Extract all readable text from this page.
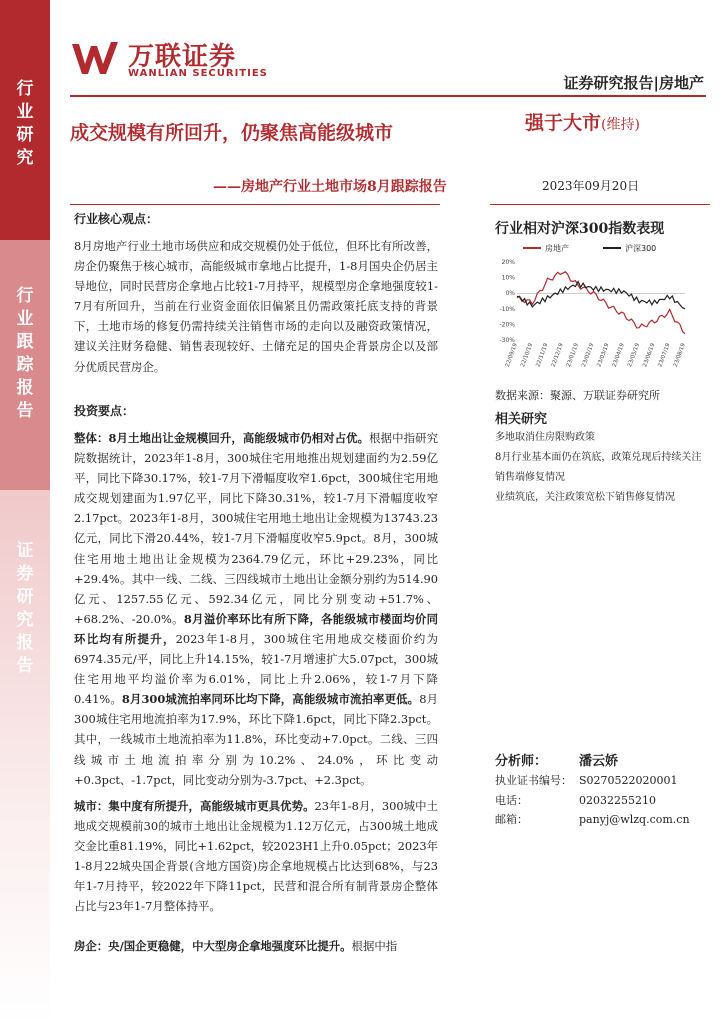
行
业
研
究
行
业
跟
踪
报
告
证
券
研
究
报
告
万联证券
WANLIAN SECURITIES
证券研究报告|房地产
成交规模有所回升，仍聚焦高能级城市
——房地产行业土地市场8月跟踪报告
强于大市(维持)
2023年09月20日
行业核心观点：

8月房地产行业土地市场供应和成交规模仍处于低位，但环比有所改善，房企仍聚焦于核心城市，高能级城市拿地占比提升，1-8月国央企仍居主导地位，同时民营房企拿地占比较1-7月持平，规模型房企拿地强度较1-7月有所回升，当前在行业资金面依旧偏紧且仍需政策托底支持的背景下，土地市场的修复仍需持续关注销售市场的走向以及融资政策情况，建议关注财务稳健、销售表现较好、土储充足的国央企背景房企以及部分优质民营房企。

投资要点：

整体：8月土地出让金规模回升，高能级城市仍相对占优。根据中指研究院数据统计，2023年1-8月，300城住宅用地推出规划建面约为2.59亿平，同比下降30.17%，较1-7月下滑幅度收窄1.6pct，300城住宅用地成交规划建面为1.97亿平，同比下降30.31%，较1-7月下滑幅度收窄2.17pct。2023年1-8月，300城住宅用地土地出让金规模为13743.23亿元，同比下滑20.44%，较1-7月下滑幅度收窄5.9pct。8月，300城住宅用地土地出让金规模为2364.79亿元，环比+29.23%，同比+29.4%。其中一线、二线、三四线城市土地出让金额分别约为514.90亿元、1257.55亿元、592.34亿元，同比分别变动+51.7%、+68.2%、-20.0%。8月溢价率环比有所下降，各能级城市楼面均价同环比均有所提升，2023年1-8月，300城住宅用地成交楼面价约为6974.35元/平，同比上升14.15%，较1-7月增速扩大5.07pct，300城住宅用地平均溢价率为6.01%，同比上升2.06%，较1-7月下降0.41%。8月300城流拍率同环比均下降，高能级城市流拍率更低。8月300城住宅用地流拍率为17.9%，环比下降1.6pct，同比下降2.3pct。其中，一线城市土地流拍率为11.8%，环比变动+7.0pct。二线、三四线城市土地流拍率分别为10.2%、24.0%，环比变动+0.3pct、-1.7pct，同比变动分别为-3.7pct、+2.3pct。

城市：集中度有所提升，高能级城市更具优势。23年1-8月，300城中土地成交规模前30的城市土地出让金规模为1.12万亿元，占300城土地成交金比重81.19%，同比+1.62pct，较2023H1上升0.05pct；2023年1-8月22城央国企背景(含地方国资)房企拿地规模占比达到68%，与23年1-7月持平，较2022年下降11pct，民营和混合所有制背景房企整体占比与23年1-7月整体持平。

房企：央/国企更稳健，中大型房企拿地强度环比提升。根据中指

行业相对沪深300指数表现
房地产	沪深300
20%
10%
0%
-10%
-20%
-30%
22/09/19 22/10/19 22/11/19 22/12/19 23/01/19 23/02/19 23/03/19 23/04/19 23/05/19 23/06/19 23/07/19 23/08/19
数据来源：聚源、万联证券研究所
相关研究
多地取消住房限购政策
8月行业基本面仍在筑底，政策兑现后持续关注销售端修复情况
业绩筑底，关注政策宽松下销售修复情况
分析师： 潘云娇
执业证书编号： S0270522020001
电话：	02032255210
邮箱：	panyj@wlzq.com.cn
